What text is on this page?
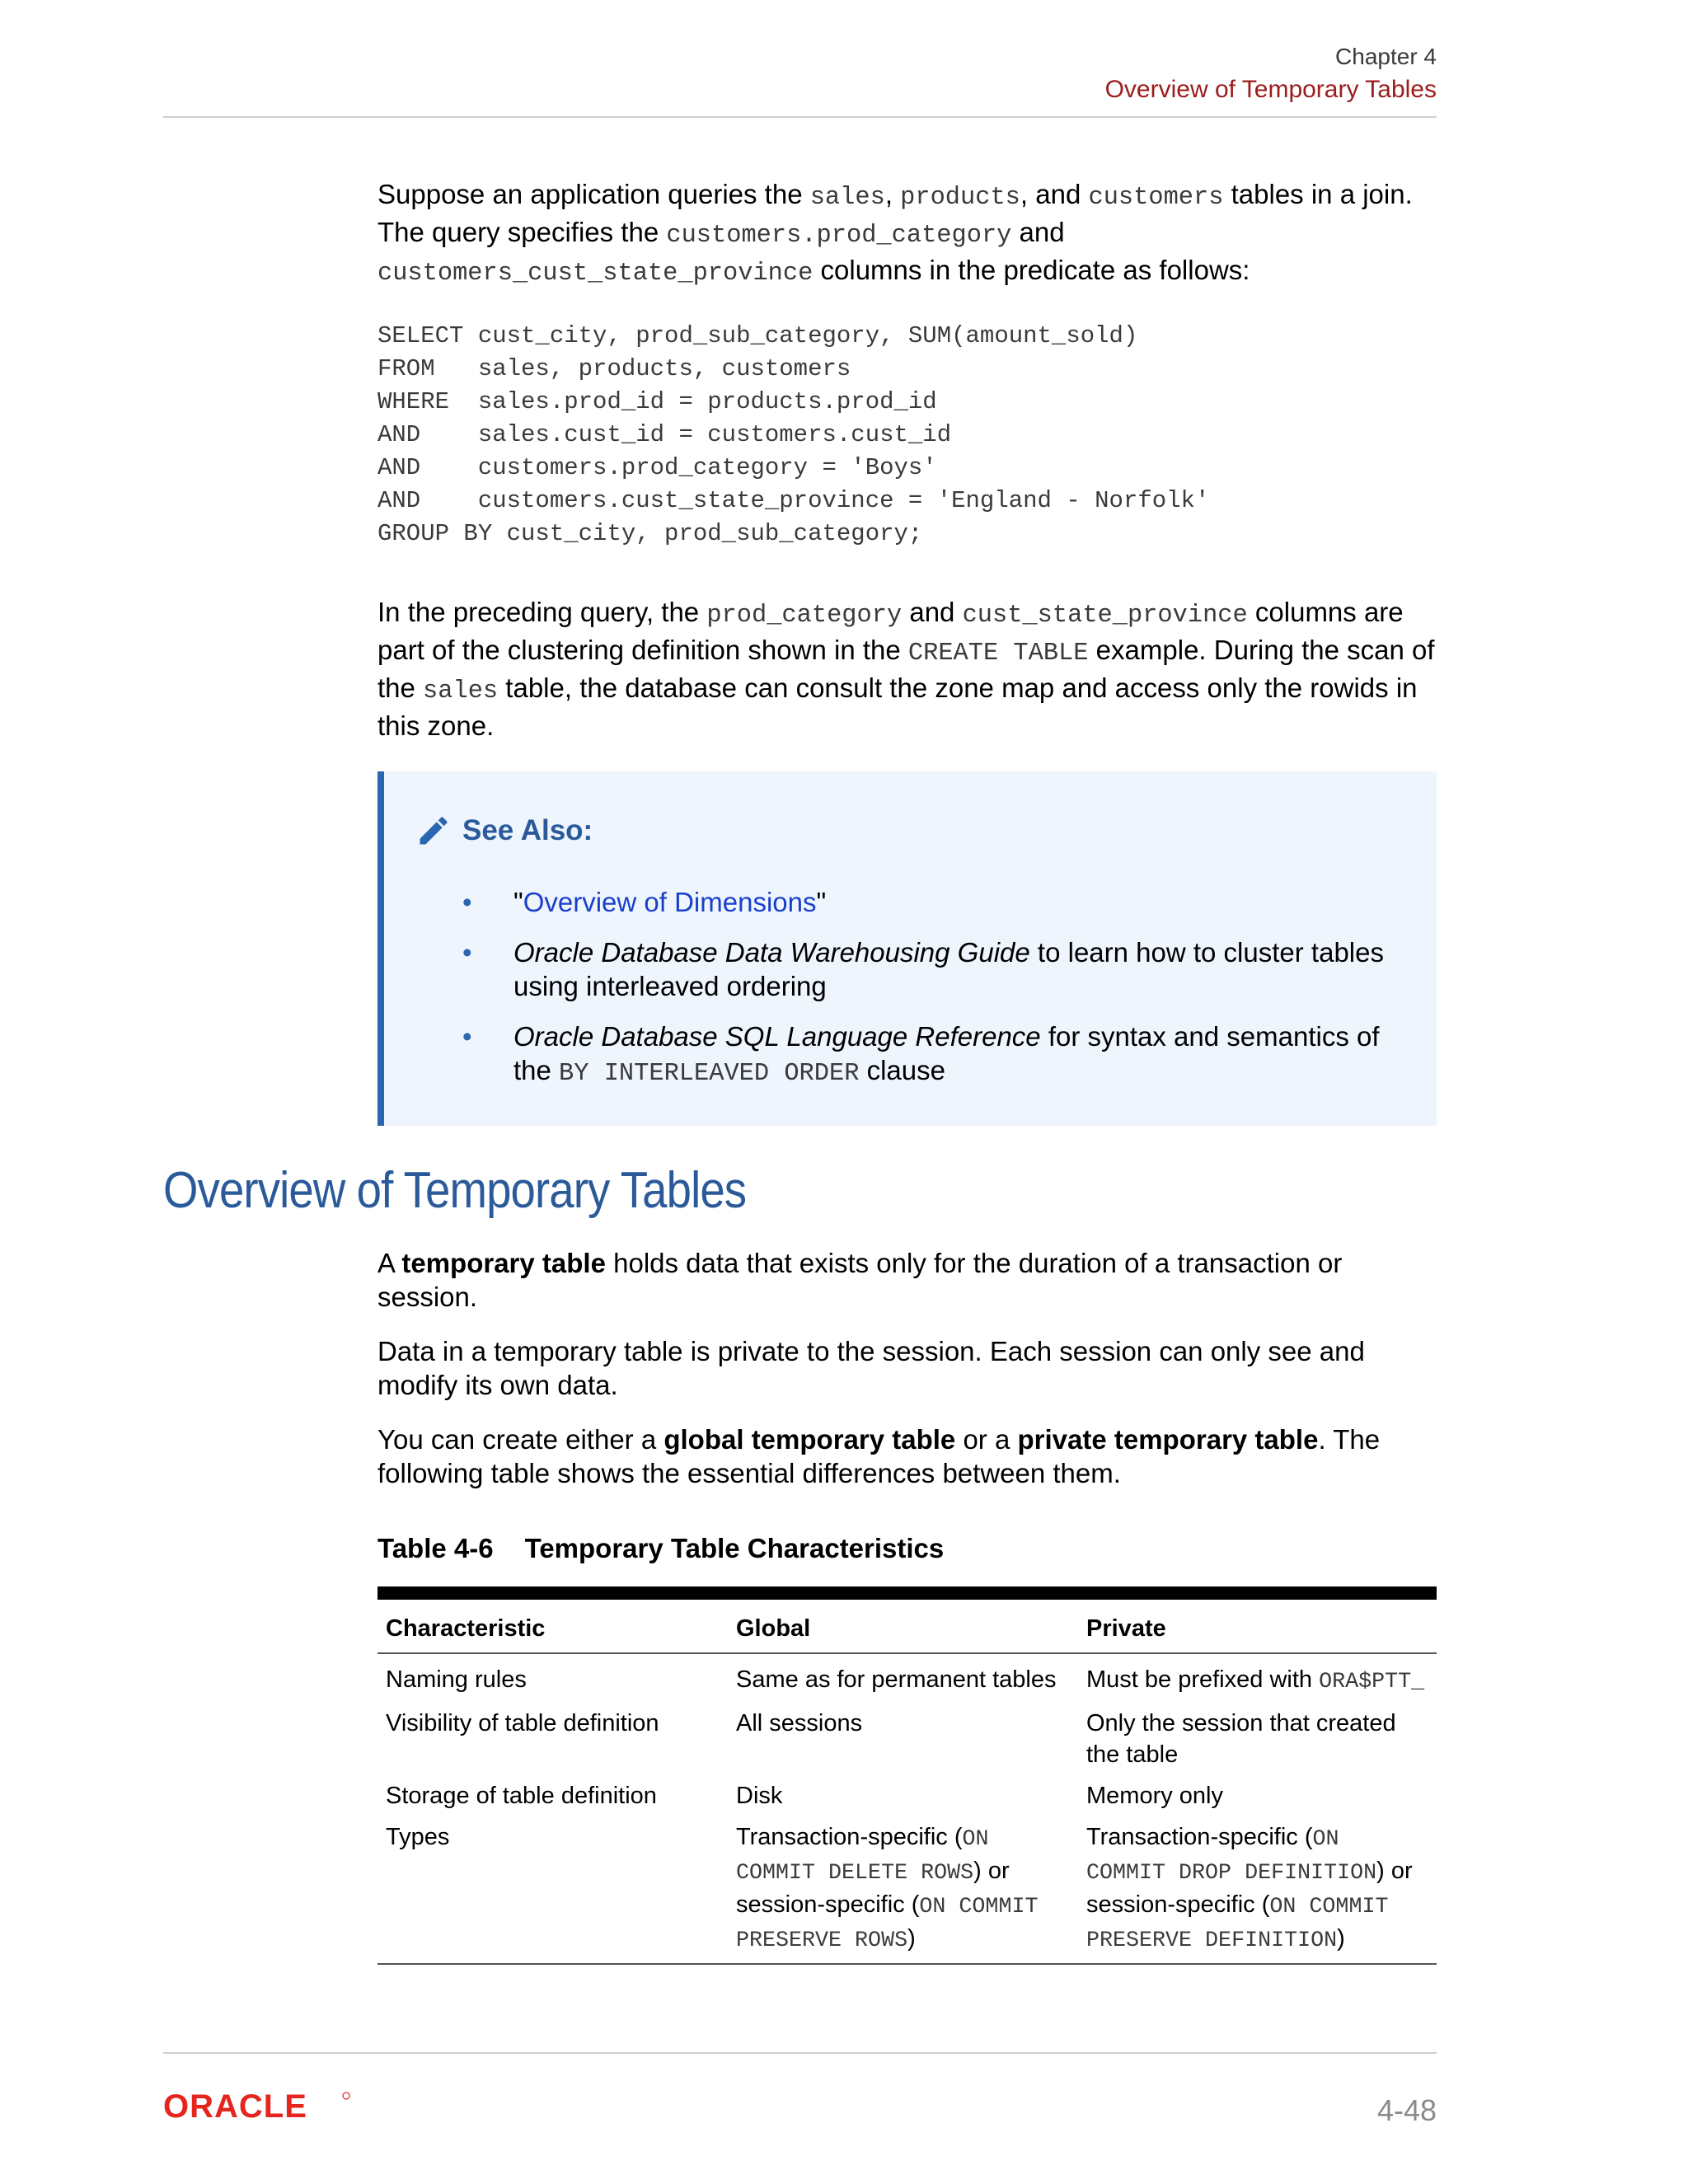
Chapter 4
Overview of Temporary Tables

Suppose an application queries the sales, products, and customers tables in a join. The query specifies the customers.prod_category and customers_cust_state_province columns in the predicate as follows:

SELECT cust_city, prod_sub_category, SUM(amount_sold)
FROM   sales, products, customers
WHERE  sales.prod_id = products.prod_id
AND    sales.cust_id = customers.cust_id
AND    customers.prod_category = 'Boys'
AND    customers.cust_state_province = 'England - Norfolk'
GROUP BY cust_city, prod_sub_category;

In the preceding query, the prod_category and cust_state_province columns are part of the clustering definition shown in the CREATE TABLE example. During the scan of the sales table, the database can consult the zone map and access only the rowids in this zone.

See Also:
• "Overview of Dimensions"
• Oracle Database Data Warehousing Guide to learn how to cluster tables using interleaved ordering
• Oracle Database SQL Language Reference for syntax and semantics of the BY INTERLEAVED ORDER clause
Overview of Temporary Tables

A temporary table holds data that exists only for the duration of a transaction or session.

Data in a temporary table is private to the session. Each session can only see and modify its own data.

You can create either a global temporary table or a private temporary table. The following table shows the essential differences between them.

Table 4-6 Temporary Table Characteristics
Characteristic	Global	Private
Naming rules	Same as for permanent tables	Must be prefixed with ORA$PTT_
Visibility of table definition	All sessions	Only the session that created the table
Storage of table definition	Disk	Memory only
Types	Transaction-specific (ON COMMIT DELETE ROWS) or session-specific (ON COMMIT PRESERVE ROWS)	Transaction-specific (ON COMMIT DROP DEFINITION) or session-specific (ON COMMIT PRESERVE DEFINITION)
ORACLE	4-48
